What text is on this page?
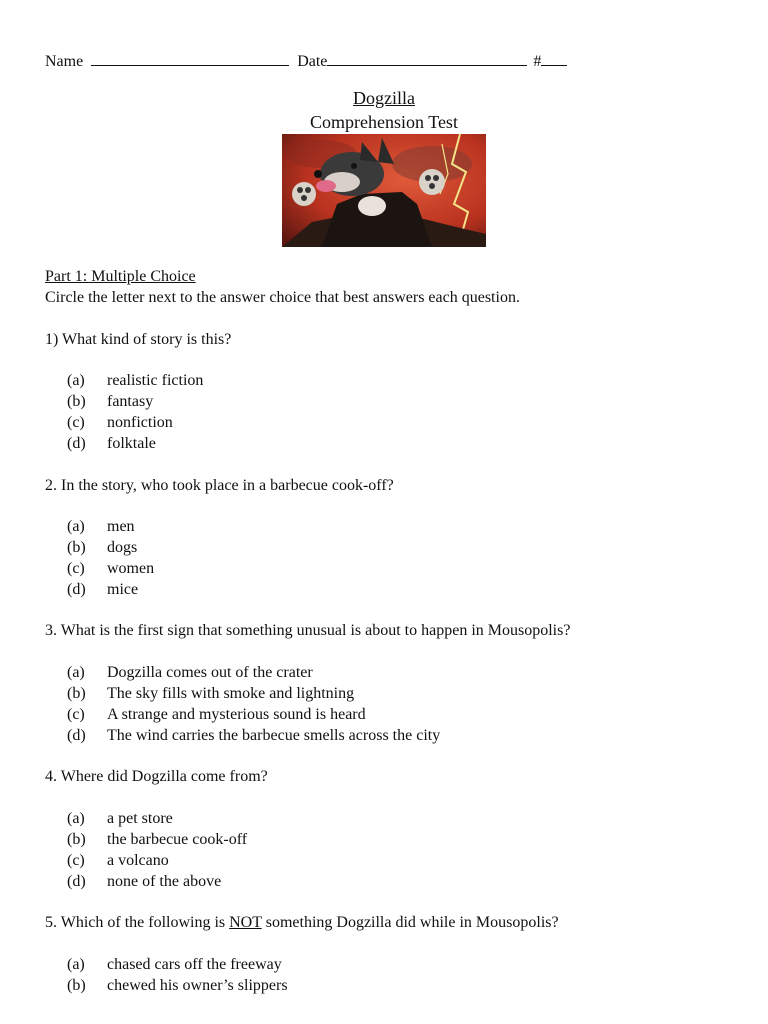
Name	Date	#
Dogzilla
Comprehension Test
Part 1: Multiple Choice
Circle the letter next to the answer choice that best answers each question.
1) What kind of story is this?
(a) realistic fiction
(b) fantasy
(c) nonfiction
(d) folktale
2. In the story, who took place in a barbecue cook-off?
(a) men
(b) dogs
(c) women
(d) mice
3. What is the first sign that something unusual is about to happen in Mousopolis?
(a) Dogzilla comes out of the crater
(b) The sky fills with smoke and lightning
(c) A strange and mysterious sound is heard
(d) The wind carries the barbecue smells across the city
4. Where did Dogzilla come from?
(a) a pet store
(b) the barbecue cook-off
(c) a volcano
(d) none of the above
5. Which of the following is NOT something Dogzilla did while in Mousopolis?
(a) chased cars off the freeway
(b) chewed his owner’s slippers
